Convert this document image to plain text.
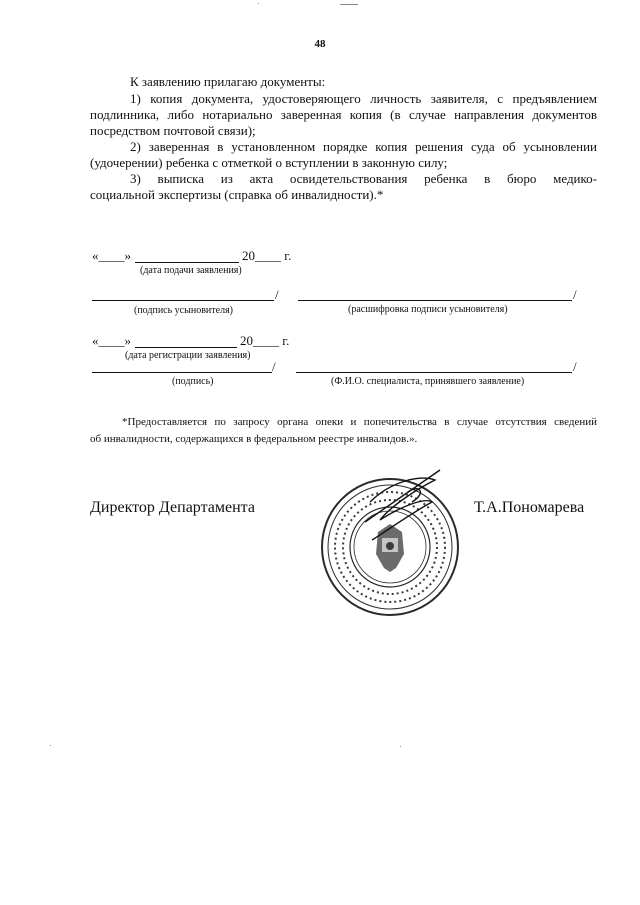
48
К заявлению прилагаю документы:
1) копия документа, удостоверяющего личность заявителя, с предъявлением
подлинника, либо нотариально заверенная копия (в случае направления документов
посредством почтовой связи);
2) заверенная в установленном порядке копия решения суда об усыновлении
(удочерении) ребенка с отметкой о вступлении в законную силу;
3) выписка из акта освидетельствования ребенка в бюро медико-
социальной экспертизы (справка об инвалидности).*
«____»	20____ г.
(дата подачи заявления)
/	/
(подпись усыновителя)	(расшифровка подписи усыновителя)
«____»	20____ г.
(дата регистрации заявления)
/	/
(подпись)	(Ф.И.О. специалиста, принявшего заявление)
*Предоставляется по запросу органа опеки и попечительства в случае отсутствия сведений
об инвалидности, содержащихся в федеральном реестре инвалидов.».
Директор Департамента	Т.А.Пономарева
